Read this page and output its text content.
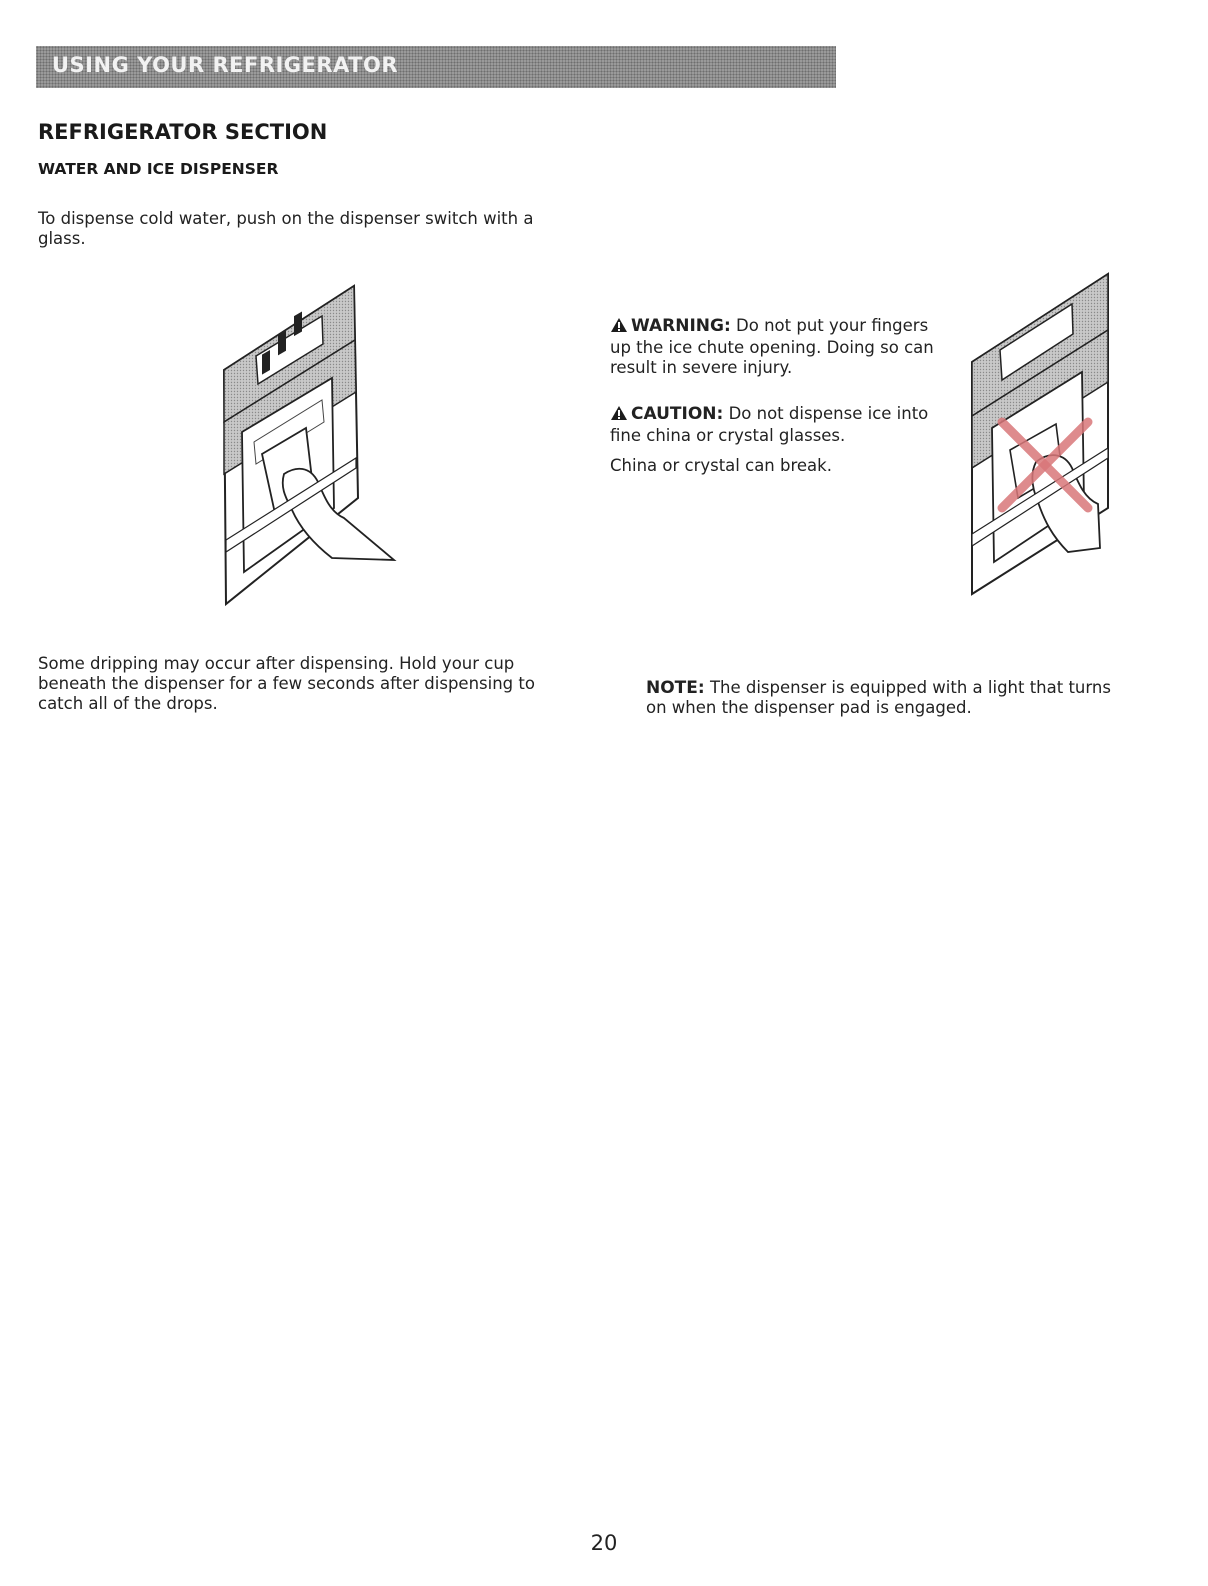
USING YOUR REFRIGERATOR
REFRIGERATOR SECTION
WATER AND ICE DISPENSER

To dispense cold water, push on the dispenser switch with a glass.

WARNING: Do not put your fingers up the ice chute opening. Doing so can result in severe injury.

CAUTION: Do not dispense ice into fine china or crystal glasses.

China or crystal can break.

Some dripping may occur after dispensing. Hold your cup beneath the dispenser for a few seconds after dispensing to catch all of the drops.

NOTE: The dispenser is equipped with a light that turns on when the dispenser pad is engaged.

20
